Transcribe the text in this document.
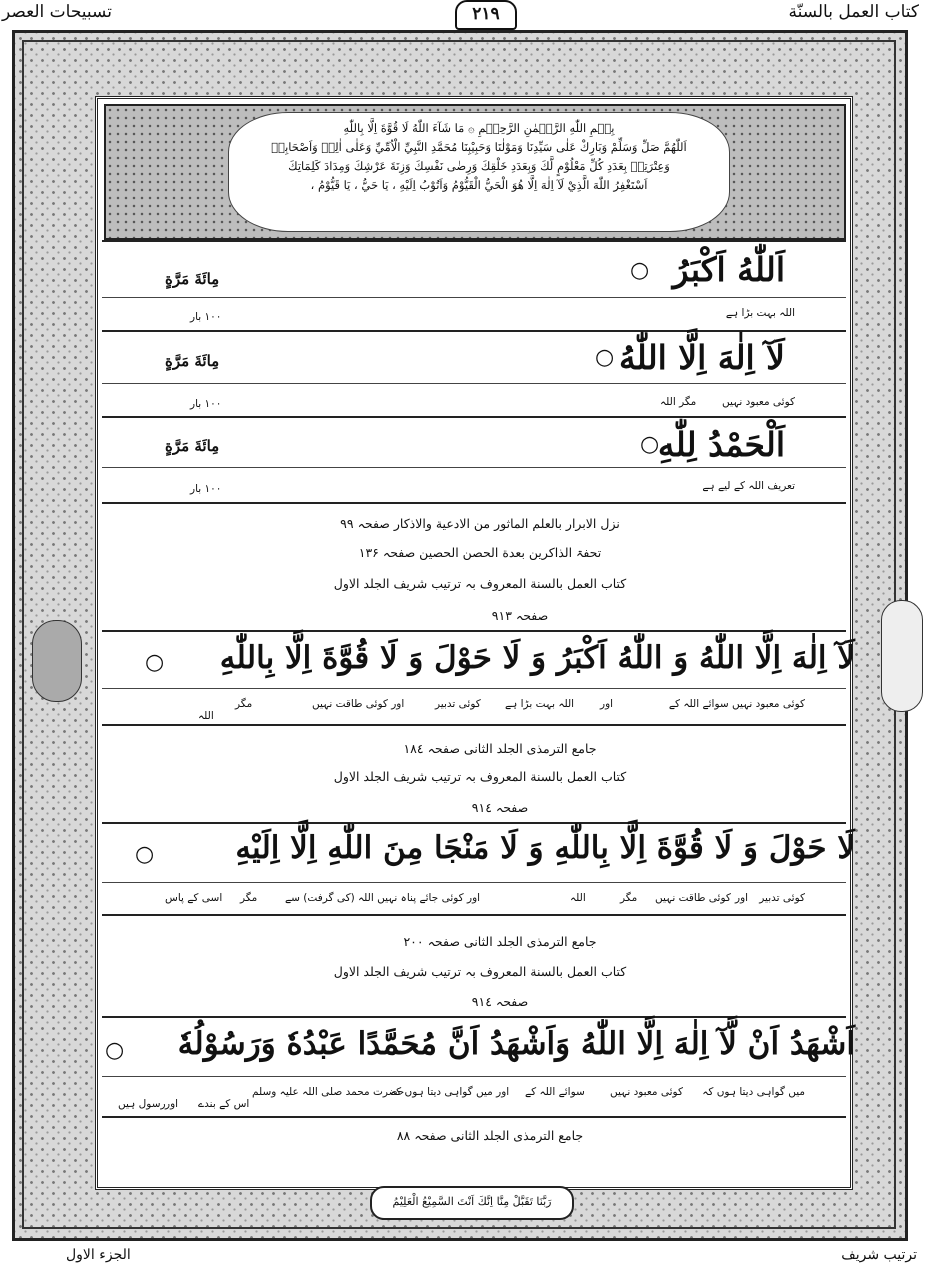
تسبیحات العصر	۲۱۹	کتاب العمل بالسنّة
بِسۡمِ اللّٰهِ الرَّحۡمٰنِ الرَّحِيۡمِ ۞ مَا شَآءَ اللّٰهُ لَا قُوَّةَ اِلَّا بِاللّٰهِ
اَللّٰهُمَّ صَلِّ وَسَلِّمْ وَبَارِكْ عَلٰى سَيِّدِنَا وَمَوْلٰنَا وَحَبِيْبِنَا مُحَمَّدِ النَّبِيِّ الْاُمِّيِّ وَعَلٰى اٰلِهٖ وَاَصْحَابِهٖ
وَعِتْرَتِهٖ بِعَدَدِ كُلِّ مَعْلُوْمٍ لَّكَ وَبِعَدَدِ خَلْقِكَ وَرِضٰى نَفْسِكَ وَزِنَةَ عَرْشِكَ وَمِدَادَ كَلِمَاتِكَ
اَسْتَغْفِرُ اللّٰهَ الَّذِيْ لَآ اِلٰهَ اِلَّا هُوَ الْحَيُّ الْقَيُّوْمُ وَاَتُوْبُ اِلَيْهِ ، يَا حَيُّ ، يَا قَيُّوْمُ ،
اَللّٰهُ اَكْبَرُ
○
مِائَةَ مَرَّةٍ
اللہ بہت بڑا ہے
۱۰۰ بار
لَآ اِلٰهَ اِلَّا اللّٰهُ
○
مِائَةَ مَرَّةٍ
کوئی معبود نہیں
مگر اللہ
۱۰۰ بار
اَلْحَمْدُ لِلّٰهِ
○
مِائَةَ مَرَّةٍ
تعریف اللہ کے لیے ہے
۱۰۰ بار
نزل الابرار بالعلم الماثور من الادعية والاذكار صفحہ ۹۹
تحفۃ الذاكرین بعدة الحصن الحصين صفحہ ۱۳۶
کتاب العمل بالسنة المعروف بہ ترتیب شریف الجلد الاول
صفحہ ۹۱۳
لَآ اِلٰهَ اِلَّا اللّٰهُ وَ اللّٰهُ اَكْبَرُ وَ لَا حَوْلَ وَ لَا قُوَّةَ اِلَّا بِاللّٰهِ
○
کوئی معبود نہیں سوائے اللہ کے
اور
اللہ بہت بڑا ہے
کوئی تدبیر
اور کوئی طاقت نہیں
مگر
اللہ
جامع الترمذی الجلد الثانی صفحہ ۱۸٤
کتاب العمل بالسنة المعروف بہ ترتیب شریف الجلد الاول
صفحہ ۹۱٤
لَا حَوْلَ وَ لَا قُوَّةَ اِلَّا بِاللّٰهِ وَ لَا مَنْجَا مِنَ اللّٰهِ اِلَّا اِلَيْهِ
○
کوئی تدبیر
اور
کوئی طاقت نہیں
مگر
اللہ
اور کوئی جائے پناہ نہیں اللہ (کی گرفت) سے
مگر
اسی کے پاس
جامع الترمذی الجلد الثانی صفحہ ۲۰۰
کتاب العمل بالسنة المعروف بہ ترتیب شریف الجلد الاول
صفحہ ۹۱٤
اَشْهَدُ اَنْ لَّآ اِلٰهَ اِلَّا اللّٰهُ وَاَشْهَدُ اَنَّ مُحَمَّدًا عَبْدُهٗ وَرَسُوْلُهٗ
○
میں گواہی دیتا ہوں کہ
کوئی معبود نہیں
سوائے اللہ کے
اور میں گواہی دیتا ہوں کہ
حضرت محمد صلی اللہ علیہ وسلم
اس کے بندے
اور
رسول ہیں
جامع الترمذی الجلد الثانی صفحہ ۸۸
رَبَّنَا تَقَبَّلْ مِنَّا اِنَّكَ اَنْتَ السَّمِيْعُ الْعَلِيْمُ
الجزء الاول	ترتیب شریف
